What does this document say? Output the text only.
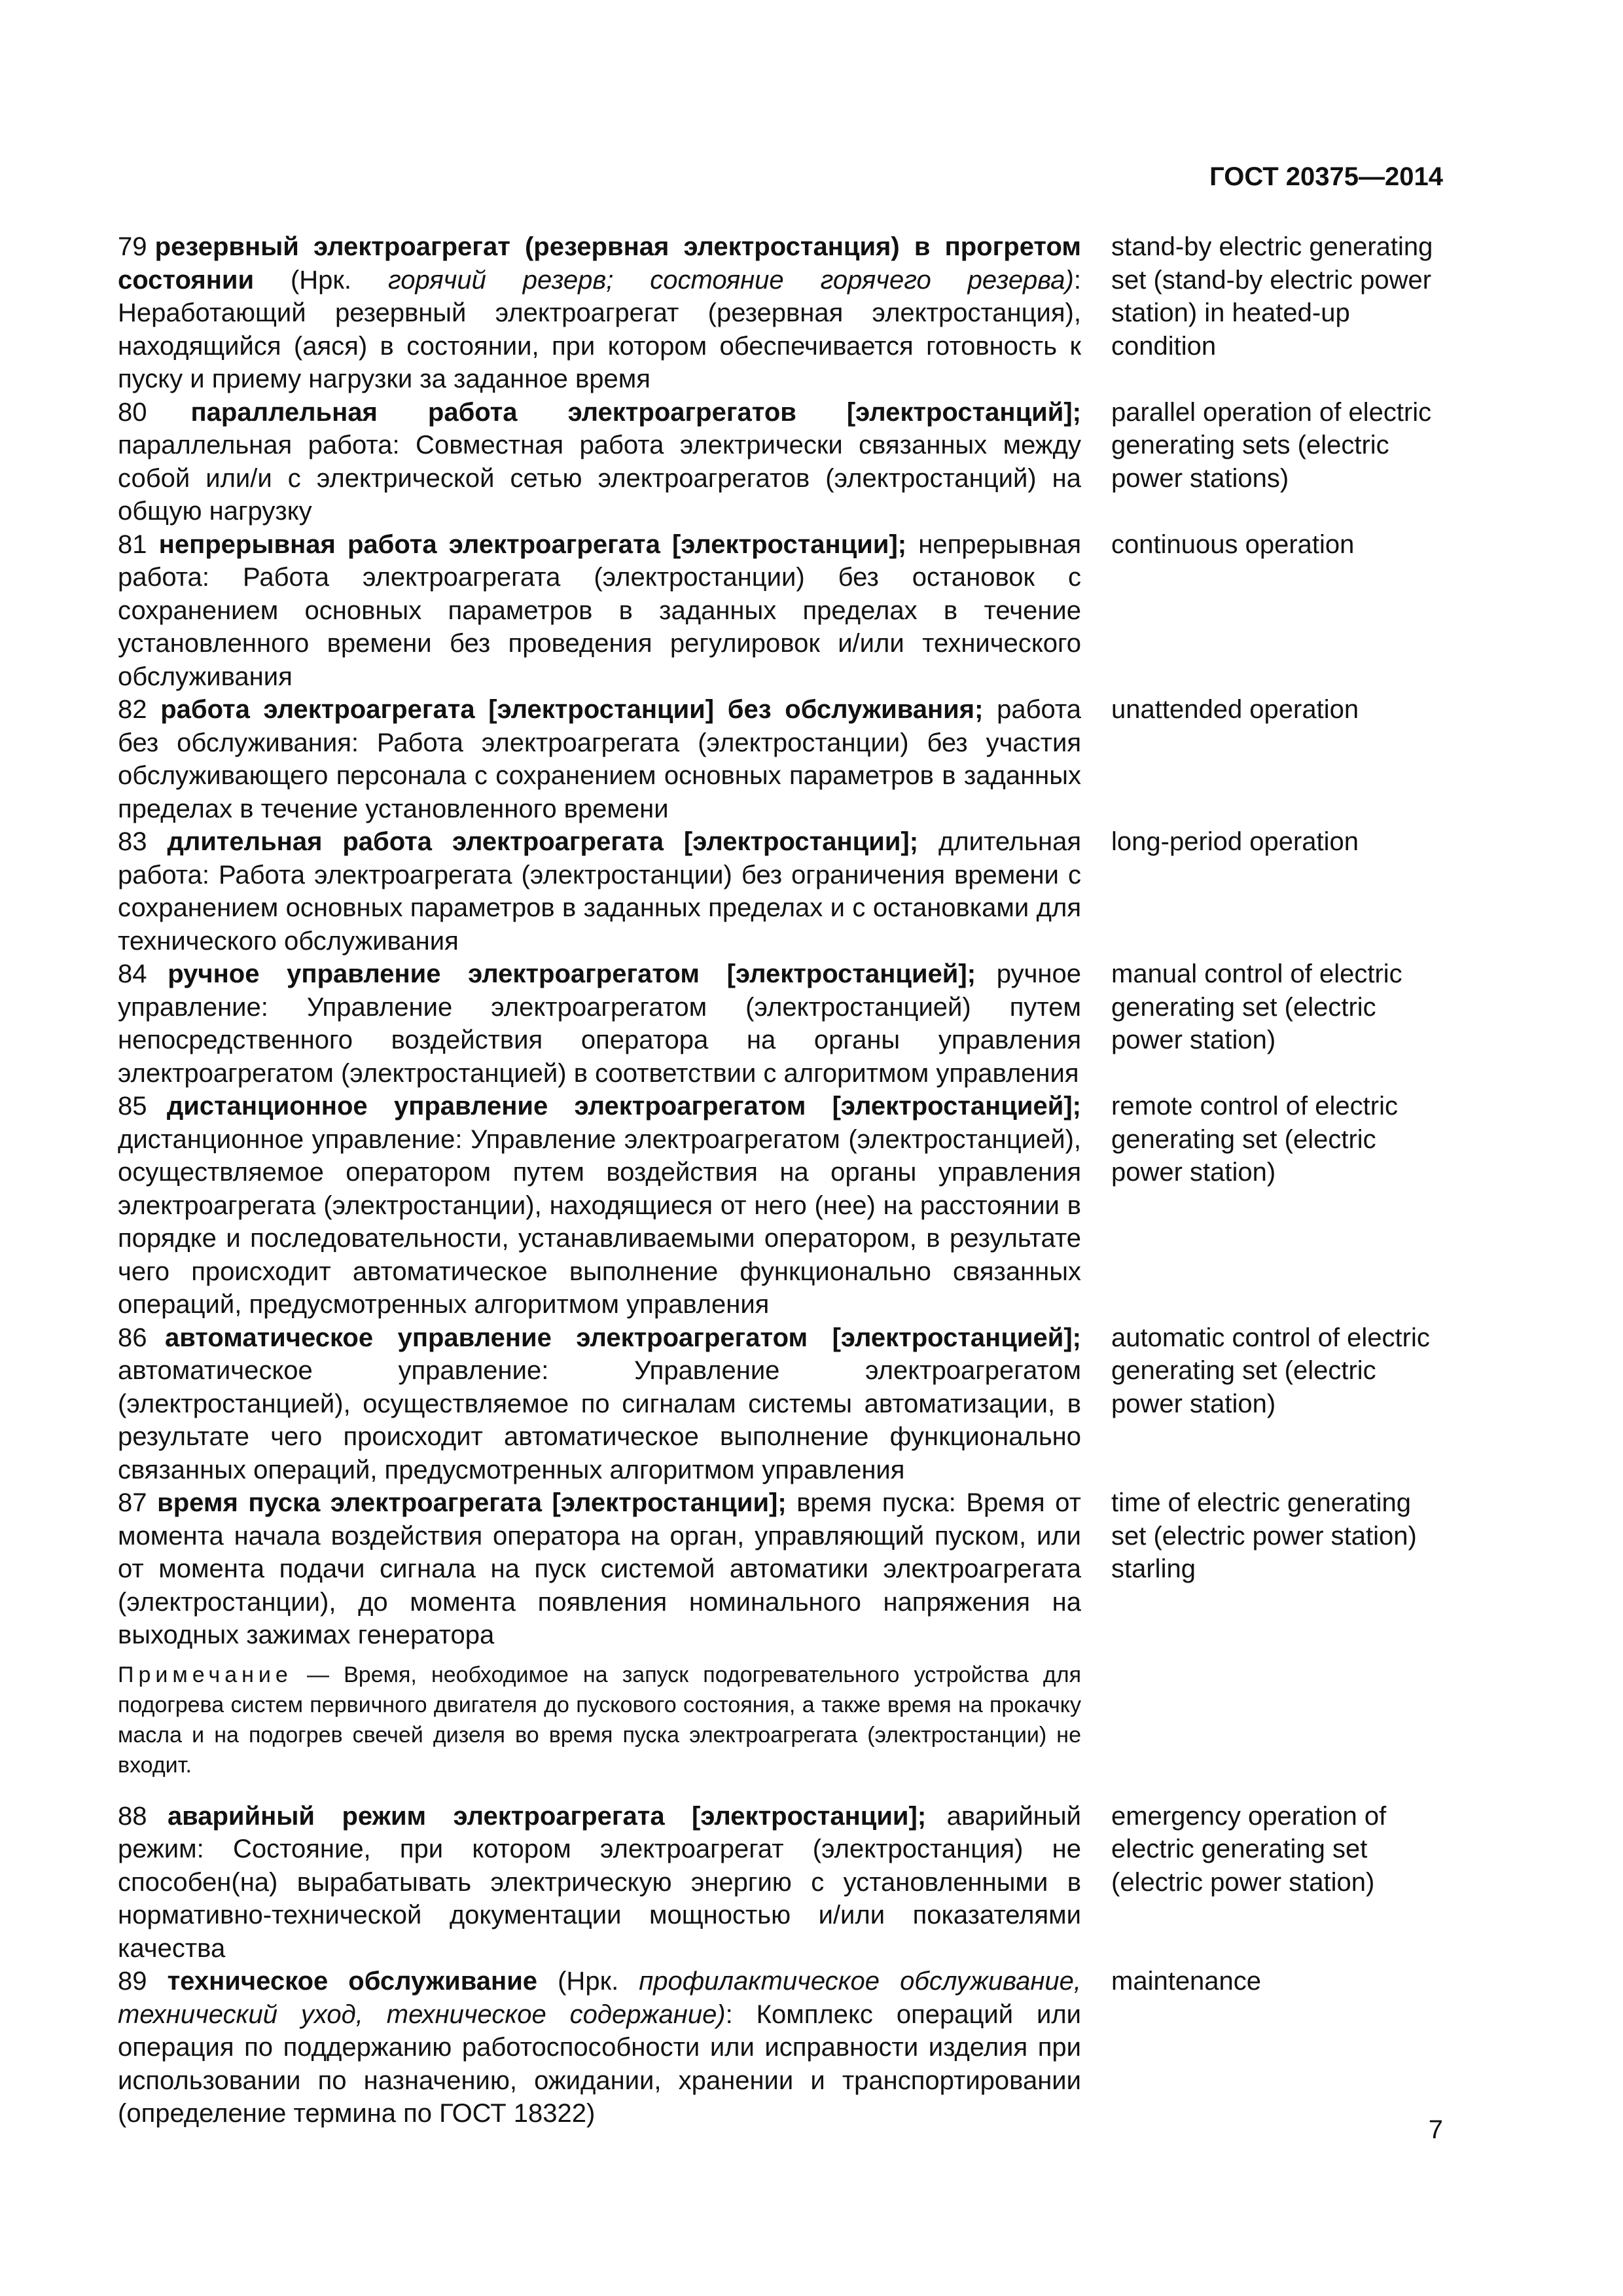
ГОСТ 20375—2014
79 резервный электроагрегат (резервная электростанция) в прогретом состоянии (Нрк. горячий резерв; состояние горячего резерва): Неработающий резервный электроагрегат (резервная электростанция), находящийся (аяся) в состоянии, при котором обеспечивается готовность к пуску и приему нагрузки за заданное время
stand-by electric generating set (stand-by electric power station) in heated-up condition
80 параллельная работа электроагрегатов [электростанций]; параллельная работа: Совместная работа электрически связанных между собой или/и с электрической сетью электроагрегатов (электростанций) на общую нагрузку
parallel operation of electric generating sets (electric power stations)
81 непрерывная работа электроагрегата [электростанции]; непрерывная работа: Работа электроагрегата (электростанции) без остановок с сохранением основных параметров в заданных пределах в течение установленного времени без проведения регулировок и/или технического обслуживания
continuous operation
82 работа электроагрегата [электростанции] без обслуживания; работа без обслуживания: Работа электроагрегата (электростанции) без участия обслуживающего персонала с сохранением основных параметров в заданных пределах в течение установленного времени
unattended operation
83 длительная работа электроагрегата [электростанции]; длительная работа: Работа электроагрегата (электростанции) без ограничения времени с сохранением основных параметров в заданных пределах и с остановками для технического обслуживания
long-period operation
84 ручное управление электроагрегатом [электростанцией]; ручное управление: Управление электроагрегатом (электростанцией) путем непосредственного воздействия оператора на органы управления электроагрегатом (электростанцией) в соответствии с алгоритмом управления
manual control of electric generating set (electric power station)
85 дистанционное управление электроагрегатом [электростанцией]; дистанционное управление: Управление электроагрегатом (электростанцией), осуществляемое оператором путем воздействия на органы управления электроагрегата (электростанции), находящиеся от него (нее) на расстоянии в порядке и последовательности, устанавливаемыми оператором, в результате чего происходит автоматическое выполнение функционально связанных операций, предусмотренных алгоритмом управления
remote control of electric generating set (electric power station)
86 автоматическое управление электроагрегатом [электростанцией]; автоматическое управление: Управление электроагрегатом (электростанцией), осуществляемое по сигналам системы автоматизации, в результате чего происходит автоматическое выполнение функционально связанных операций, предусмотренных алгоритмом управления
automatic control of electric generating set (electric power station)
87 время пуска электроагрегата [электростанции]; время пуска: Время от момента начала воздействия оператора на орган, управляющий пуском, или от момента подачи сигнала на пуск системой автоматики электроагрегата (электростанции), до момента появления номинального напряжения на выходных зажимах генератора
time of electric generating set (electric power station) starling
Примечание — Время, необходимое на запуск подогревательного устройства для подогрева систем первичного двигателя до пускового состояния, а также время на прокачку масла и на подогрев свечей дизеля во время пуска электроагрегата (электростанции) не входит.
88 аварийный режим электроагрегата [электростанции]; аварийный режим: Состояние, при котором электроагрегат (электростанция) не способен(на) вырабатывать электрическую энергию с установленными в нормативно-технической документации мощностью и/или показателями качества
emergency operation of electric generating set (electric power station)
89 техническое обслуживание (Нрк. профилактическое обслуживание, технический уход, техническое содержание): Комплекс операций или операция по поддержанию работоспособности или исправности изделия при использовании по назначению, ожидании, хранении и транспортировании (определение термина по ГОСТ 18322)
maintenance
7
